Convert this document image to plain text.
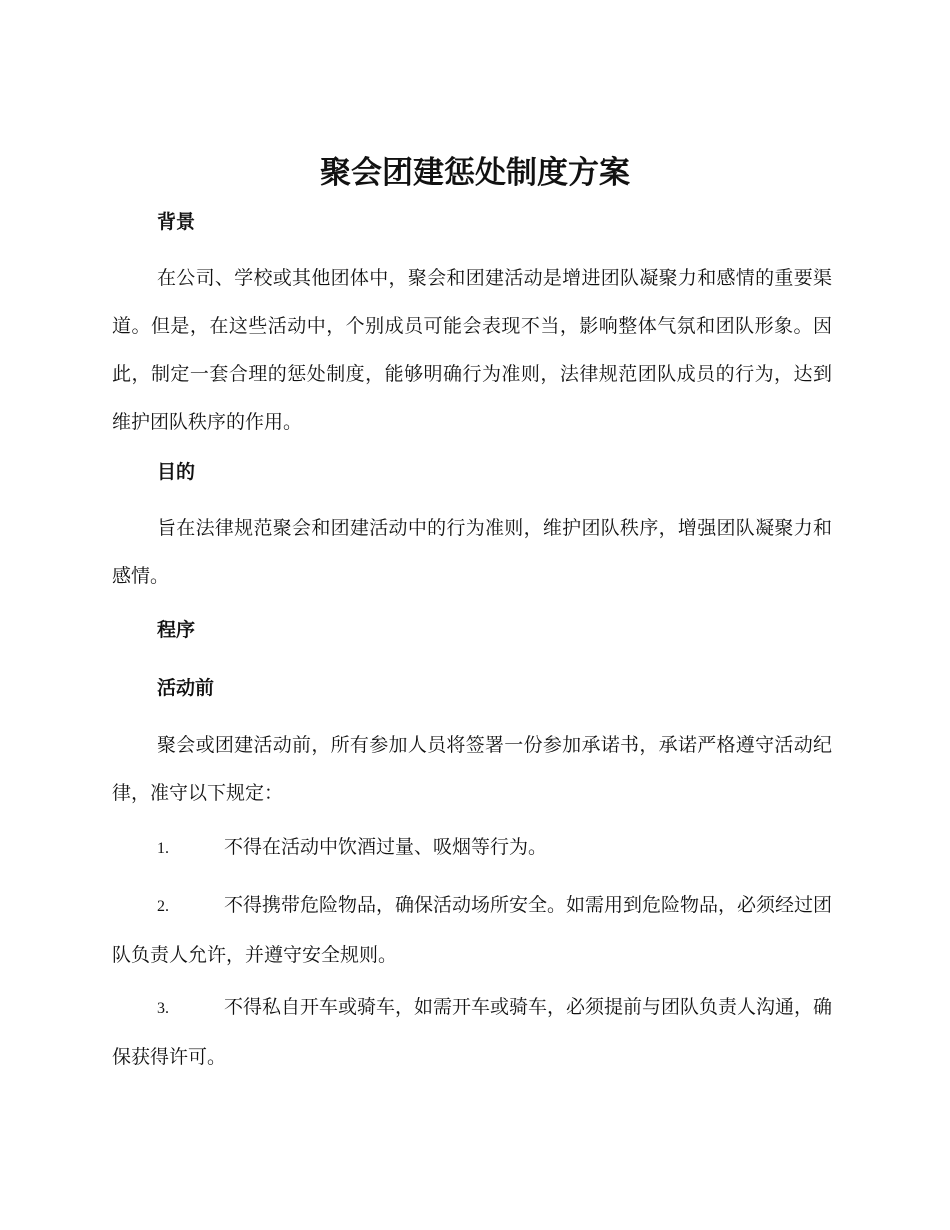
聚会团建惩处制度方案
背景

在公司、学校或其他团体中，聚会和团建活动是增进团队凝聚力和感情的重要渠道。但是，在这些活动中，个别成员可能会表现不当，影响整体气氛和团队形象。因此，制定一套合理的惩处制度，能够明确行为准则，法律规范团队成员的行为，达到维护团队秩序的作用。

目的

旨在法律规范聚会和团建活动中的行为准则，维护团队秩序，增强团队凝聚力和感情。

程序
活动前

聚会或团建活动前，所有参加人员将签署一份参加承诺书，承诺严格遵守活动纪律，准守以下规定：

1.	不得在活动中饮酒过量、吸烟等行为。

2.	不得携带危险物品，确保活动场所安全。如需用到危险物品，必须经过团队负责人允许，并遵守安全规则。

3.	不得私自开车或骑车，如需开车或骑车，必须提前与团队负责人沟通，确保获得许可。
